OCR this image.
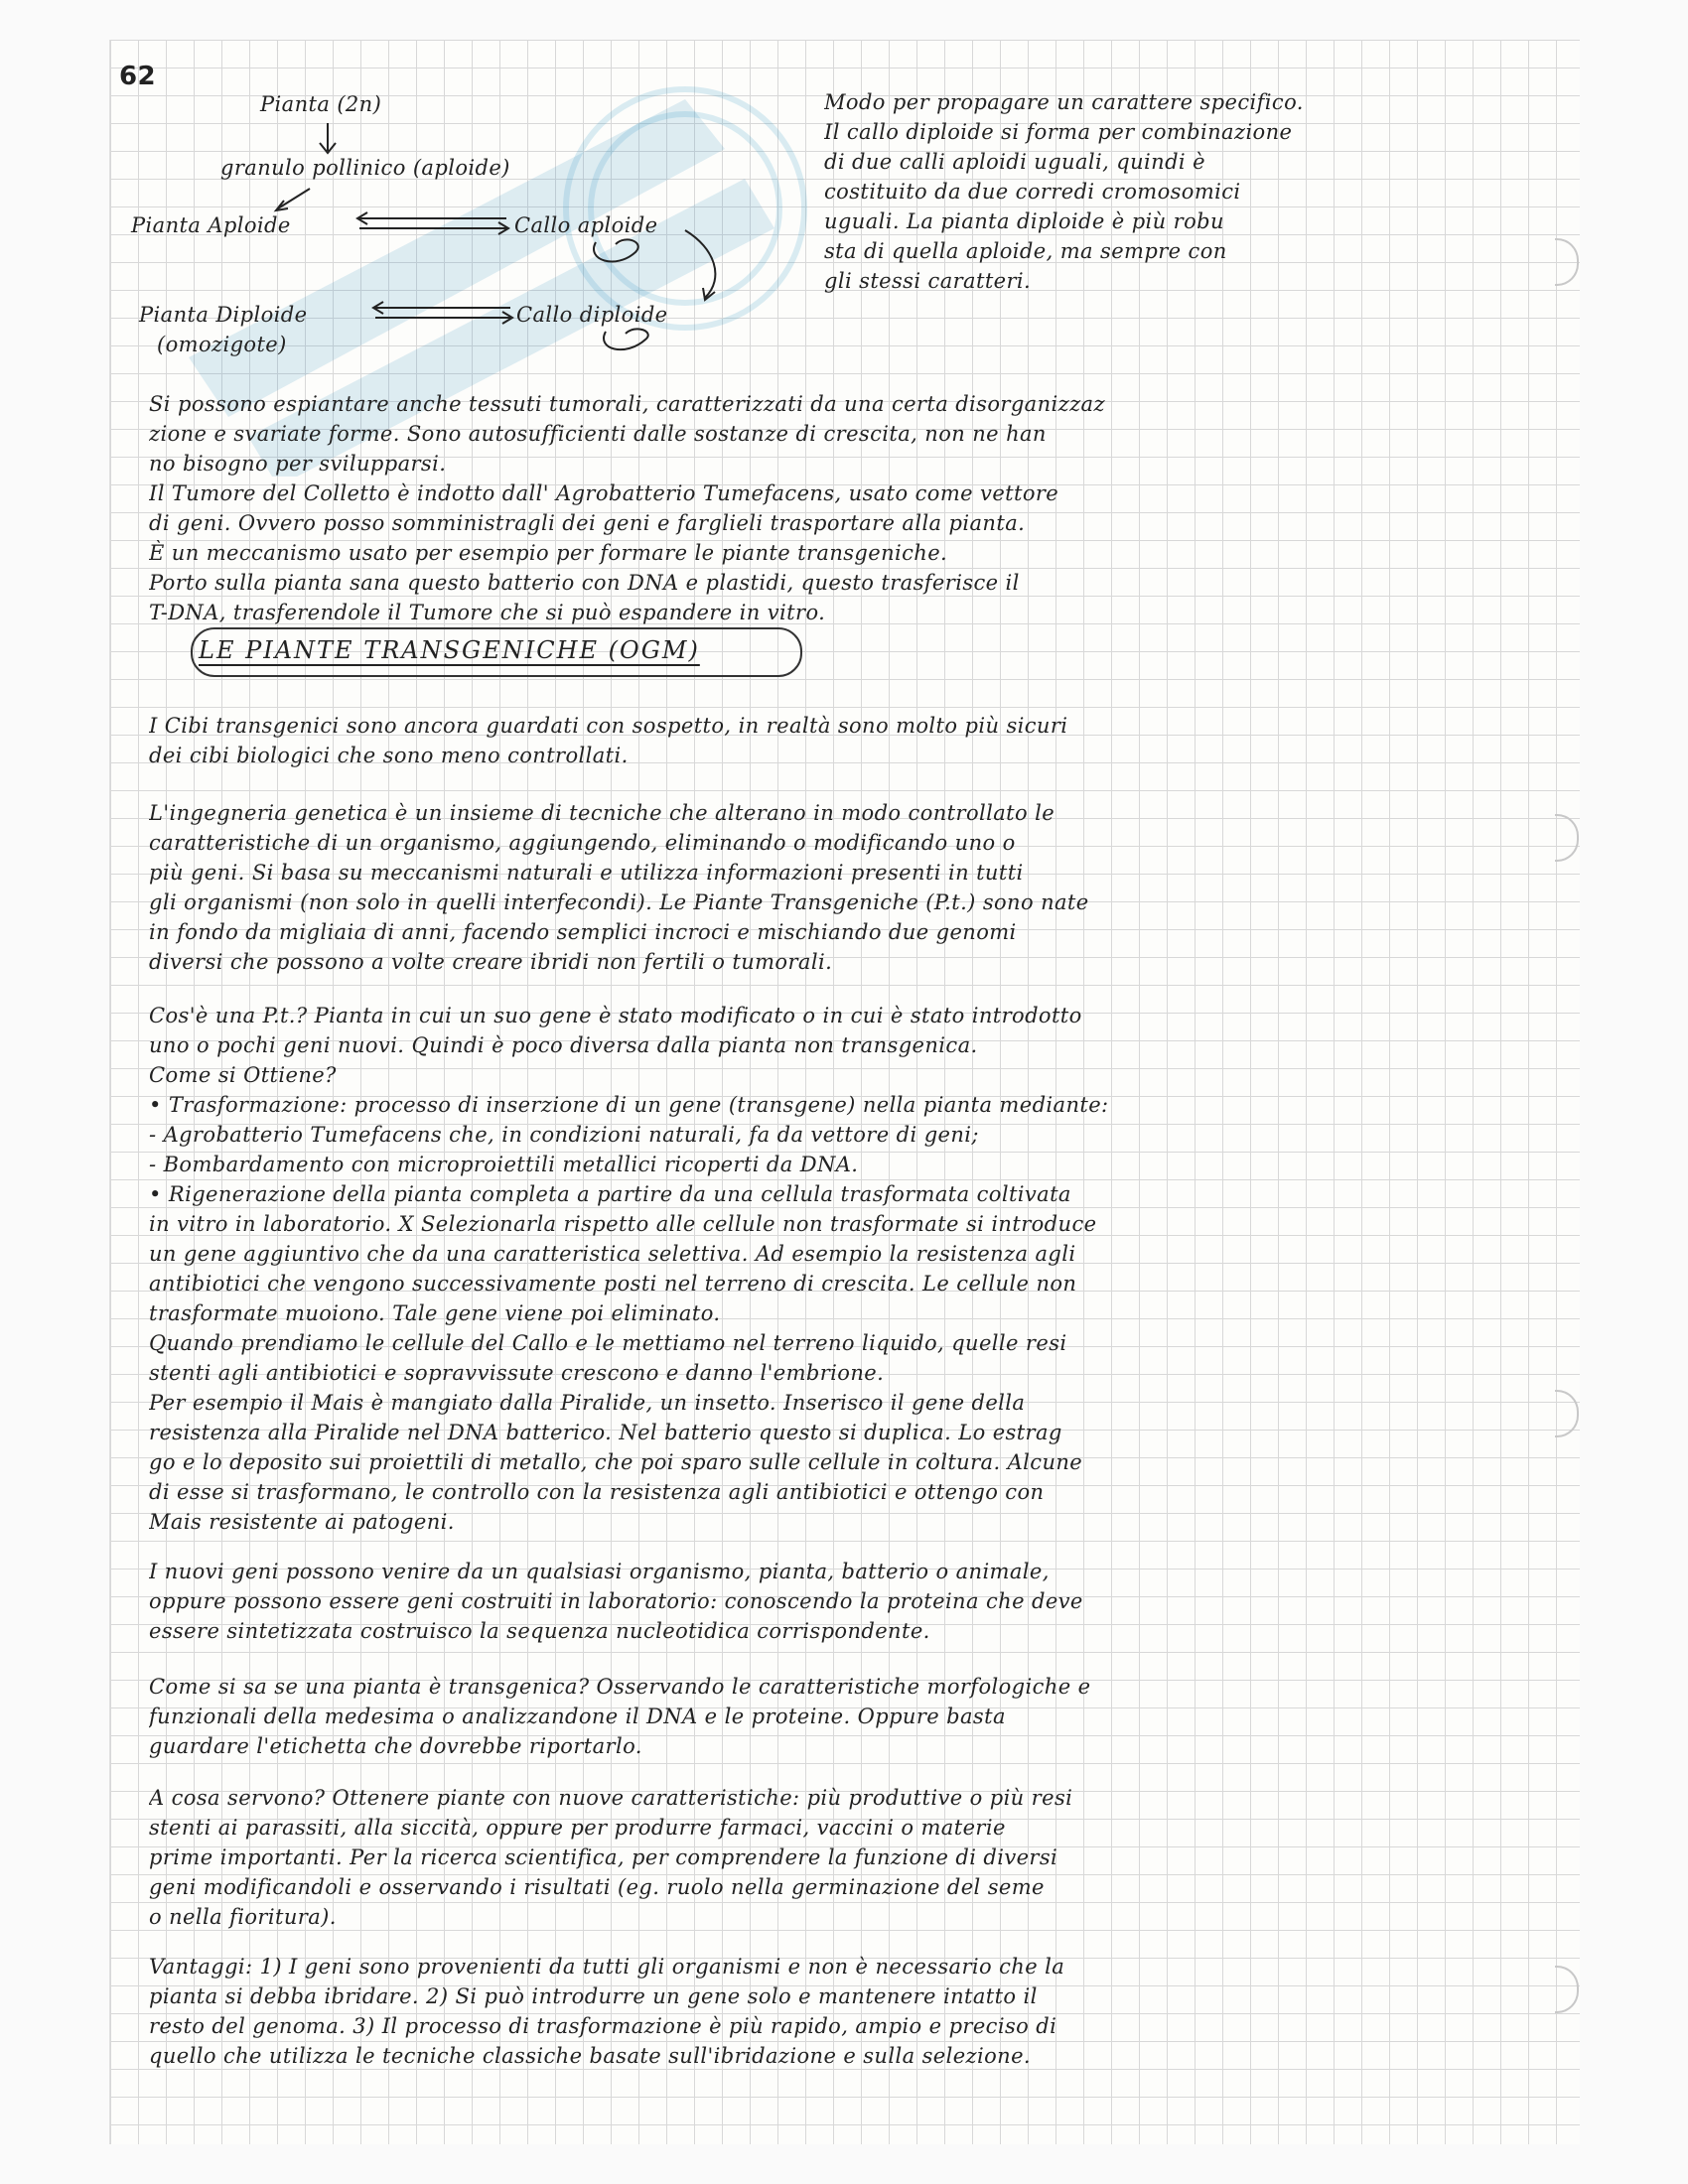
62
Pianta (2n)
granulo pollinico (aploide)
Pianta Aploide	Callo aploide
Pianta Diploide
(omozigote)
Callo diploide
Modo per propagare un carattere specifico.
Il callo diploide si forma per combinazione
di due calli aploidi uguali, quindi è
costituito da due corredi cromosomici
uguali. La pianta diploide è più robu
sta di quella aploide, ma sempre con
gli stessi caratteri.
Si possono espiantare anche tessuti tumorali, caratterizzati da una certa disorganizzaz
zione e svariate forme. Sono autosufficienti dalle sostanze di crescita, non ne han
no bisogno per svilupparsi.
Il Tumore del Colletto è indotto dall' Agrobatterio Tumefacens, usato come vettore
di geni. Ovvero posso somministragli dei geni e farglieli trasportare alla pianta.
È un meccanismo usato per esempio per formare le piante transgeniche.
Porto sulla pianta sana questo batterio con DNA e plastidi, questo trasferisce il
T-DNA, trasferendole il Tumore che si può espandere in vitro.
LE PIANTE TRANSGENICHE (OGM)
I Cibi transgenici sono ancora guardati con sospetto, in realtà sono molto più sicuri
dei cibi biologici che sono meno controllati.
L'ingegneria genetica è un insieme di tecniche che alterano in modo controllato le
caratteristiche di un organismo, aggiungendo, eliminando o modificando uno o
più geni. Si basa su meccanismi naturali e utilizza informazioni presenti in tutti
gli organismi (non solo in quelli interfecondi). Le Piante Transgeniche (P.t.) sono nate
in fondo da migliaia di anni, facendo semplici incroci e mischiando due genomi
diversi che possono a volte creare ibridi non fertili o tumorali.
Cos'è una P.t.? Pianta in cui un suo gene è stato modificato o in cui è stato introdotto
uno o pochi geni nuovi. Quindi è poco diversa dalla pianta non transgenica.
Come si Ottiene?
• Trasformazione: processo di inserzione di un gene (transgene) nella pianta mediante:
- Agrobatterio Tumefacens che, in condizioni naturali, fa da vettore di geni;
- Bombardamento con microproiettili metallici ricoperti da DNA.
• Rigenerazione della pianta completa a partire da una cellula trasformata coltivata
in vitro in laboratorio. X Selezionarla rispetto alle cellule non trasformate si introduce
un gene aggiuntivo che da una caratteristica selettiva. Ad esempio la resistenza agli
antibiotici che vengono successivamente posti nel terreno di crescita. Le cellule non
trasformate muoiono. Tale gene viene poi eliminato.
Quando prendiamo le cellule del Callo e le mettiamo nel terreno liquido, quelle resi
stenti agli antibiotici e sopravvissute crescono e danno l'embrione.
Per esempio il Mais è mangiato dalla Piralide, un insetto. Inserisco il gene della
resistenza alla Piralide nel DNA batterico. Nel batterio questo si duplica. Lo estrag
go e lo deposito sui proiettili di metallo, che poi sparo sulle cellule in coltura. Alcune
di esse si trasformano, le controllo con la resistenza agli antibiotici e ottengo con
Mais resistente ai patogeni.
I nuovi geni possono venire da un qualsiasi organismo, pianta, batterio o animale,
oppure possono essere geni costruiti in laboratorio: conoscendo la proteina che deve
essere sintetizzata costruisco la sequenza nucleotidica corrispondente.
Come si sa se una pianta è transgenica? Osservando le caratteristiche morfologiche e
funzionali della medesima o analizzandone il DNA e le proteine. Oppure basta
guardare l'etichetta che dovrebbe riportarlo.
A cosa servono? Ottenere piante con nuove caratteristiche: più produttive o più resi
stenti ai parassiti, alla siccità, oppure per produrre farmaci, vaccini o materie
prime importanti. Per la ricerca scientifica, per comprendere la funzione di diversi
geni modificandoli e osservando i risultati (eg. ruolo nella germinazione del seme
o nella fioritura).
Vantaggi: 1) I geni sono provenienti da tutti gli organismi e non è necessario che la
pianta si debba ibridare. 2) Si può introdurre un gene solo e mantenere intatto il
resto del genoma. 3) Il processo di trasformazione è più rapido, ampio e preciso di
quello che utilizza le tecniche classiche basate sull'ibridazione e sulla selezione.
